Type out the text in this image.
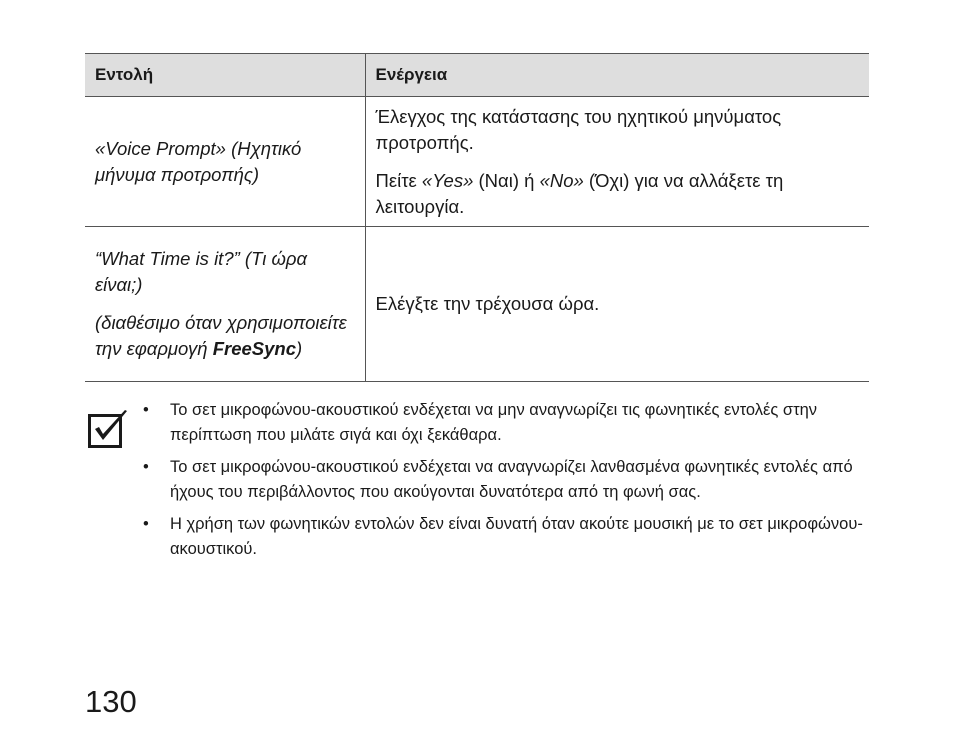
Εντολή	Ενέργεια

«Voice Prompt» (Ηχητικό μήνυμα προτροπής)	Έλεγχος της κατάστασης του ηχητικού μηνύματος προτροπής.

Πείτε «Yes» (Ναι) ή «No» (Όχι) για να αλλάξετε τη λειτουργία.

“What Time is it?” (Τι ώρα είναι;)

(διαθέσιμο όταν χρησιμοποιείτε την εφαρμογή FreeSync)	Ελέγξτε την τρέχουσα ώρα.

• Το σετ μικροφώνου-ακουστικού ενδέχεται να μην αναγνωρίζει τις φωνητικές εντολές στην περίπτωση που μιλάτε σιγά και όχι ξεκάθαρα.
• Το σετ μικροφώνου-ακουστικού ενδέχεται να αναγνωρίζει λανθασμένα φωνητικές εντολές από ήχους του περιβάλλοντος που ακούγονται δυνατότερα από τη φωνή σας.
• Η χρήση των φωνητικών εντολών δεν είναι δυνατή όταν ακούτε μουσική με το σετ μικροφώνου-ακουστικού.
130
